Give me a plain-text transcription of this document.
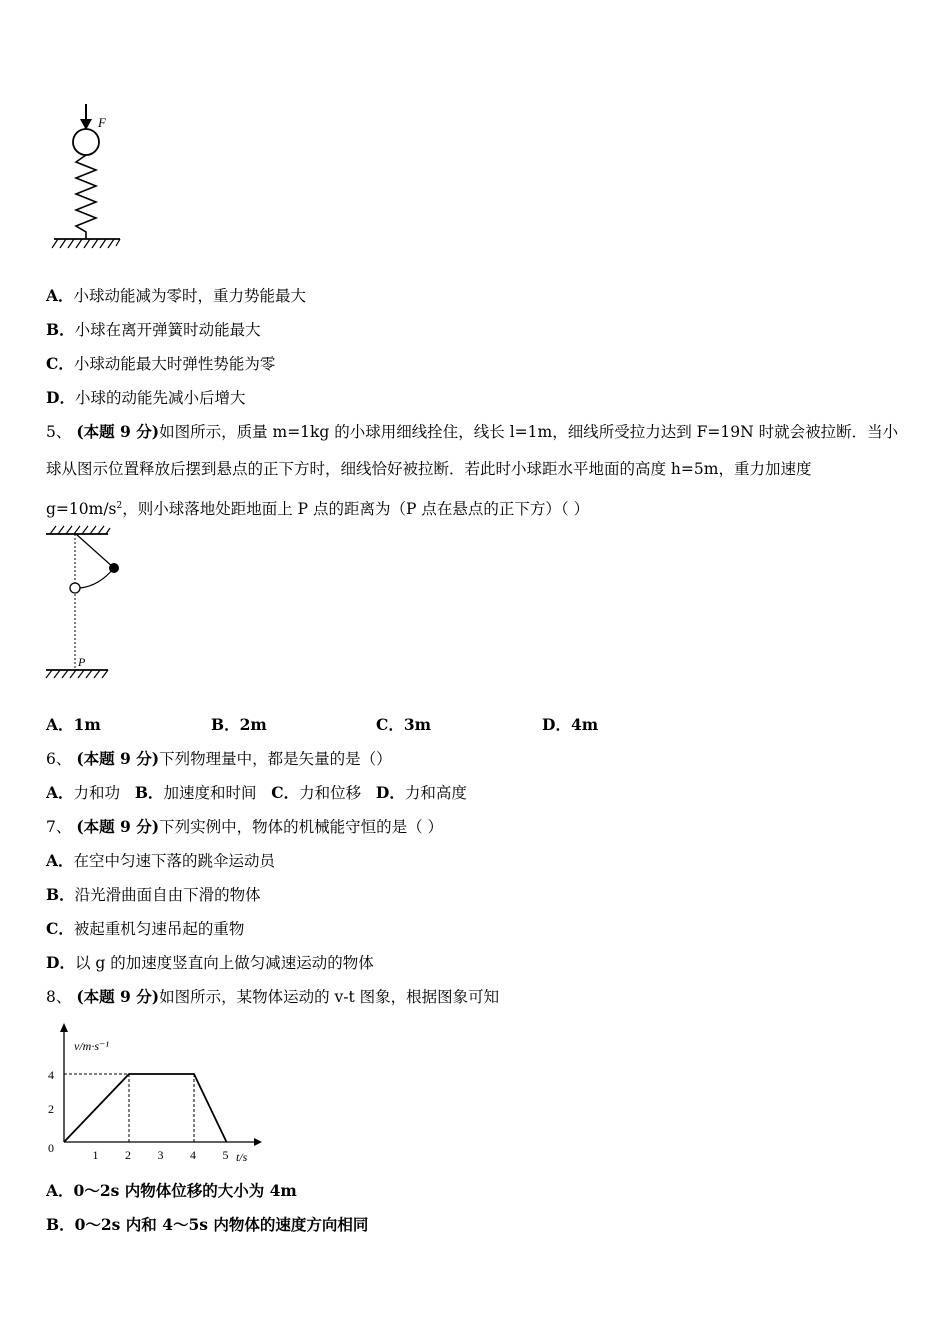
F
A．小球动能减为零时，重力势能最大
B．小球在离开弹簧时动能最大
C．小球动能最大时弹性势能为零
D．小球的动能先减小后增大
5、 (本题 9 分)如图所示，质量 m=1kg 的小球用细线拴住，线长 l=1m，细线所受拉力达到 F=19N 时就会被拉断．当小
球从图示位置释放后摆到悬点的正下方时，细线恰好被拉断．若此时小球距水平地面的高度 h=5m，重力加速度
$g=10m/s^2$，则小球落地处距地面上 P 点的距离为（P 点在悬点的正下方）（ ）
P
A．1m	B．2m	C．3m	D．4m
6、 (本题 9 分)下列物理量中，都是矢量的是（）
A．力和功 B．加速度和时间 C．力和位移 D．力和高度
7、 (本题 9 分)下列实例中，物体的机械能守恒的是（ ）
A．在空中匀速下落的跳伞运动员
B．沿光滑曲面自由下滑的物体
C．被起重机匀速吊起的重物
D．以 g 的加速度竖直向上做匀减速运动的物体
8、 (本题 9 分)如图所示，某物体运动的 v-t 图象，根据图象可知
v/m·s⁻¹
t/s
1 2 3 4 5
0
2
4
A．0～2s 内物体位移的大小为 4m
B．0～2s 内和 4～5s 内物体的速度方向相同
